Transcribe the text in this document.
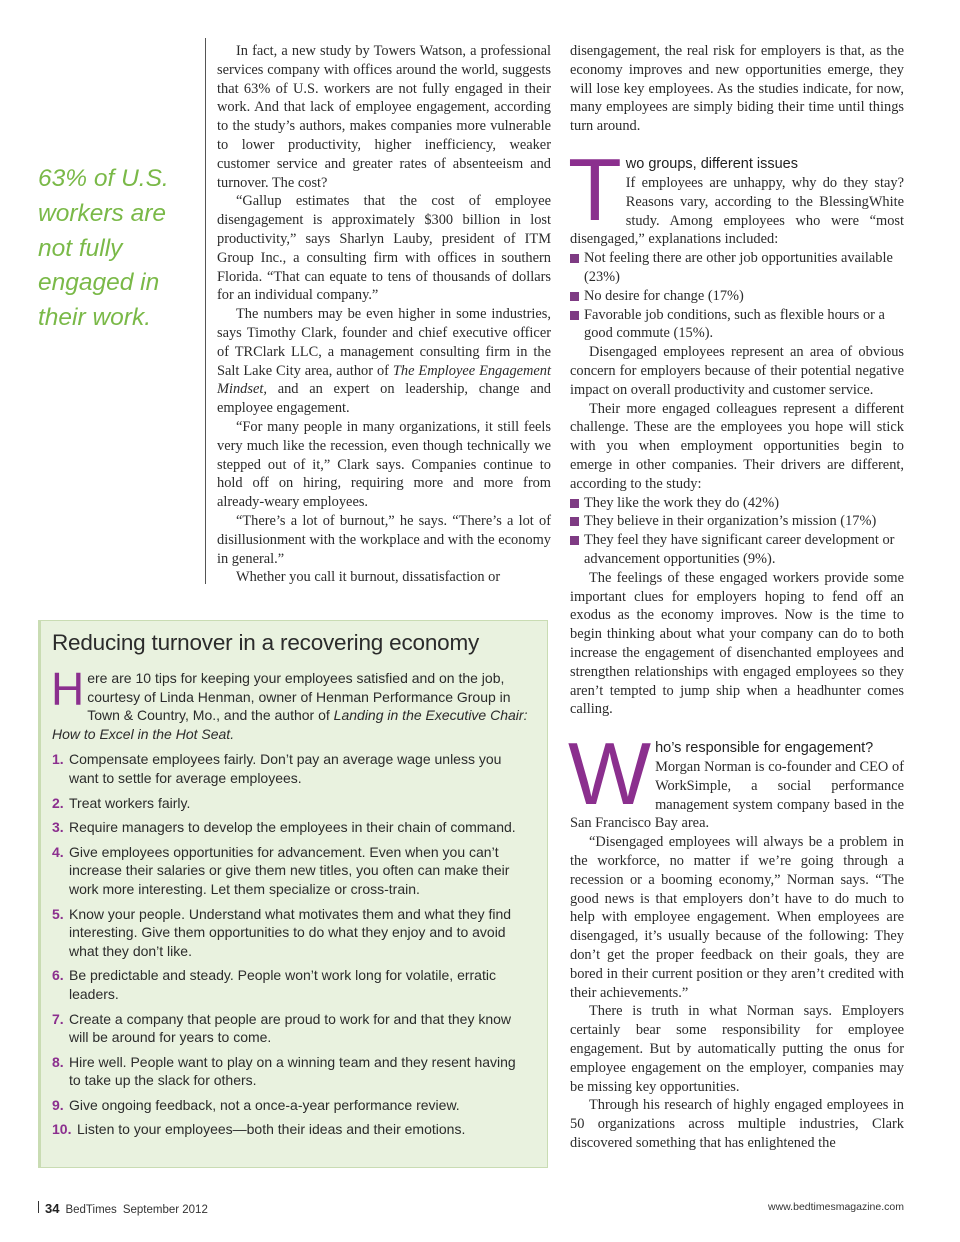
63% of U.S. workers are not fully engaged in their work.

In fact, a new study by Towers Watson, a professional services company with offices around the world, suggests that 63% of U.S. workers are not fully engaged in their work. And that lack of employee engagement, according to the study’s authors, makes companies more vulnerable to lower productivity, higher inefficiency, weaker customer service and greater rates of absenteeism and turnover. The cost?

“Gallup estimates that the cost of employee disengagement is approximately $300 billion in lost productivity,” says Sharlyn Lauby, president of ITM Group Inc., a consulting firm with offices in southern Florida. “That can equate to tens of thousands of dollars for an individual company.”

The numbers may be even higher in some industries, says Timothy Clark, founder and chief executive officer of TRClark LLC, a management consulting firm in the Salt Lake City area, author of The Employee Engagement Mindset, and an expert on leadership, change and employee engagement.

“For many people in many organizations, it still feels very much like the recession, even though technically we stepped out of it,” Clark says. Companies continue to hold off on hiring, requiring more and more from already-weary employees.

“There’s a lot of burnout,” he says. “There’s a lot of disillusionment with the workplace and with the economy in general.”

Whether you call it burnout, dissatisfaction or

disengagement, the real risk for employers is that, as the economy improves and new opportunities emerge, they will lose key employees. As the studies indicate, for now, many employees are simply biding their time until things turn around.

T wo groups, different issues

If employees are unhappy, why do they stay? Reasons vary, according to the BlessingWhite study. Among employees who were “most disengaged,” explanations included:

Not feeling there are other job opportunities available (23%)
No desire for change (17%)
Favorable job conditions, such as flexible hours or a good commute (15%).

Disengaged employees represent an area of obvious concern for employers because of their potential negative impact on overall productivity and customer service.

Their more engaged colleagues represent a different challenge. These are the employees you hope will stick with you when employment opportunities begin to emerge in other companies. Their drivers are different, according to the study:

They like the work they do (42%)
They believe in their organization’s mission (17%)
They feel they have significant career development or advancement opportunities (9%).

The feelings of these engaged workers provide some important clues for employers hoping to fend off an exodus as the economy improves. Now is the time to begin thinking about what your company can do to both increase the engagement of disenchanted employees and strengthen relationships with engaged employees so they aren’t tempted to jump ship when a headhunter comes calling.

W ho’s responsible for engagement?

Morgan Norman is co-founder and CEO of WorkSimple, a social performance management system company based in the San Francisco Bay area.

“Disengaged employees will always be a problem in the workforce, no matter if we’re going through a recession or a booming economy,” Norman says. “The good news is that employers don’t have to do much to help with employee engagement. When employees are disengaged, it’s usually because of the following: They don’t get the proper feedback on their goals, they are bored in their current position or they aren’t credited with their achievements.”

There is truth in what Norman says. Employers certainly bear some responsibility for employee engagement. But by automatically putting the onus for employee engagement on the employer, companies may be missing key opportunities.

Through his research of highly engaged employees in 50 organizations across multiple industries, Clark discovered something that has enlightened the

Reducing turnover in a recovering economy

Here are 10 tips for keeping your employees satisfied and on the job, courtesy of Linda Henman, owner of Henman Performance Group in Town & Country, Mo., and the author of Landing in the Executive Chair: How to Excel in the Hot Seat.

1. Compensate employees fairly. Don’t pay an average wage unless you want to settle for average employees.
2. Treat workers fairly.
3. Require managers to develop the employees in their chain of command.
4. Give employees opportunities for advancement. Even when you can’t increase their salaries or give them new titles, you often can make their work more interesting. Let them specialize or cross-train.
5. Know your people. Understand what motivates them and what they find interesting. Give them opportunities to do what they enjoy and to avoid what they don’t like.
6. Be predictable and steady. People won’t work long for volatile, erratic leaders.
7. Create a company that people are proud to work for and that they know will be around for years to come.
8. Hire well. People want to play on a winning team and they resent having to take up the slack for others.
9. Give ongoing feedback, not a once-a-year performance review.
10. Listen to your employees—both their ideas and their emotions.
34 BedTimes September 2012	www.bedtimesmagazine.com
